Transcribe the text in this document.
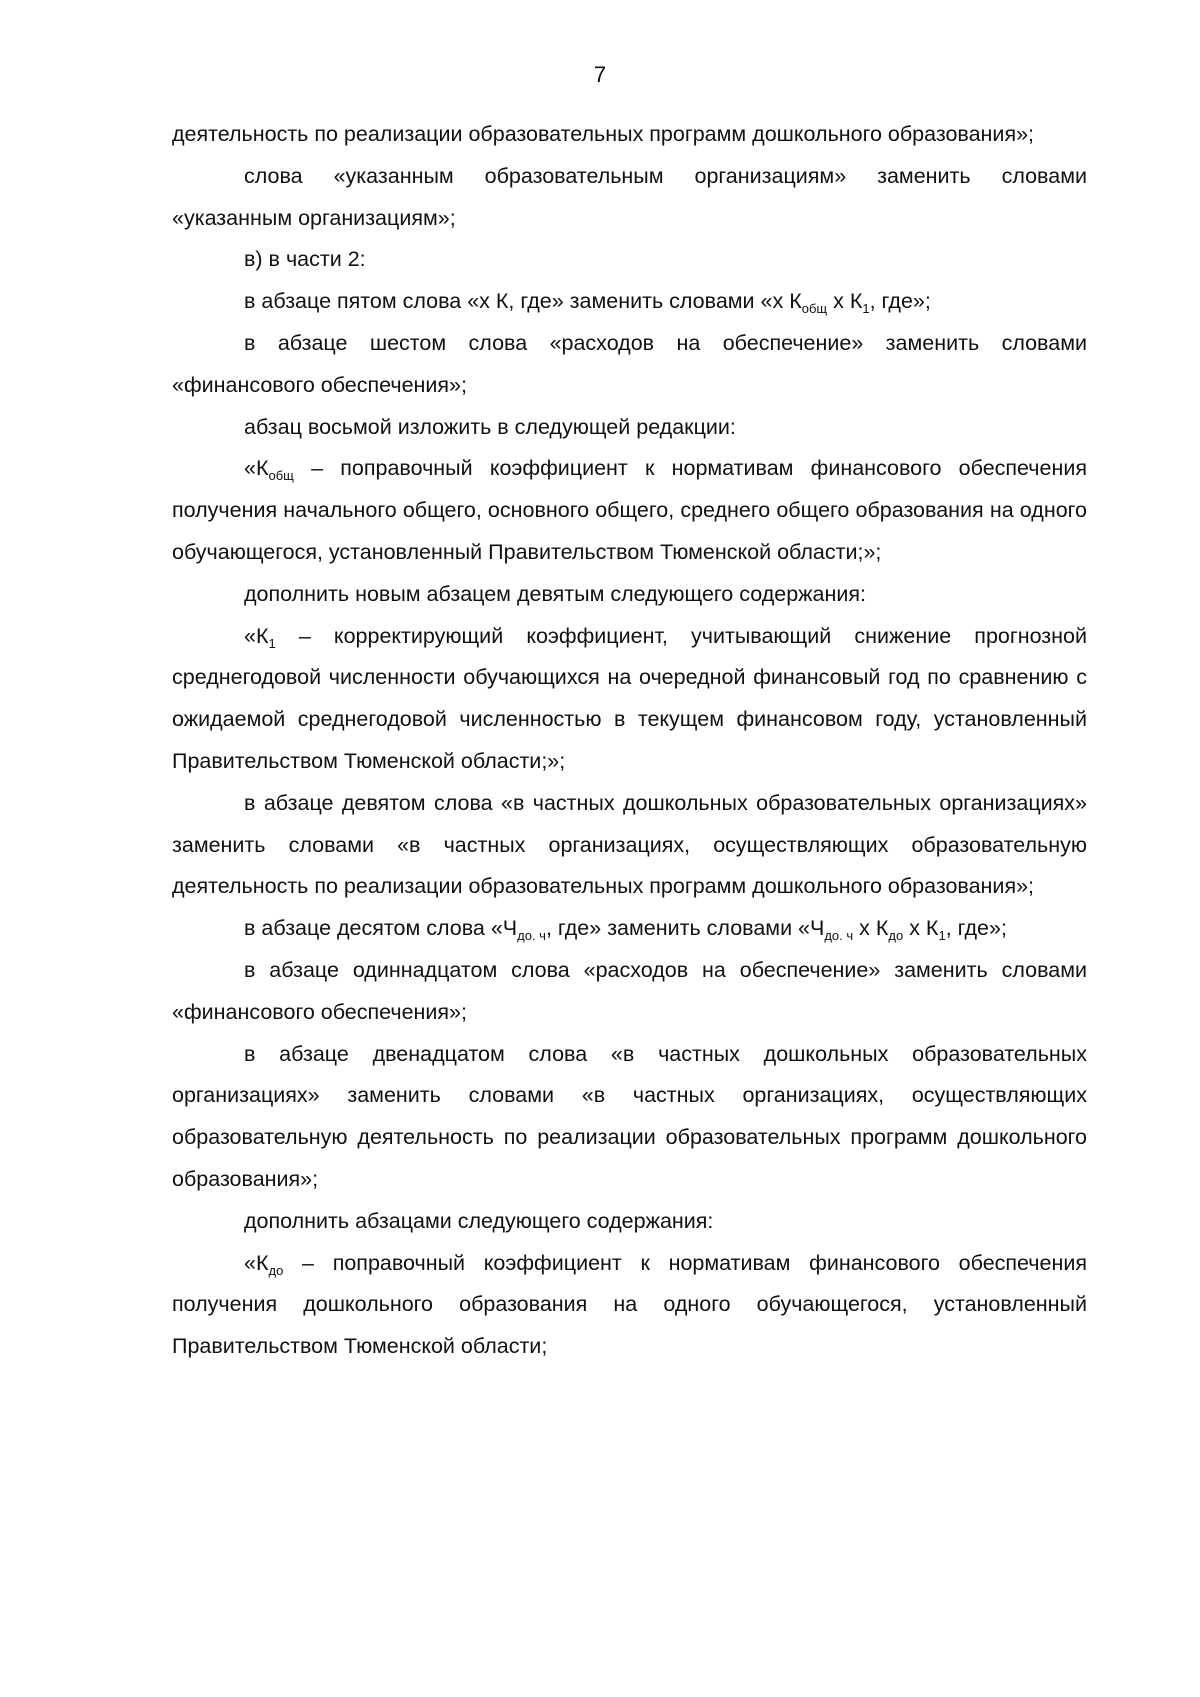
7

деятельность по реализации образовательных программ дошкольного образования»;

слова «указанным образовательным организациям» заменить словами «указанным организациям»;

в) в части 2:

в абзаце пятом слова «х К, где» заменить словами «х $К_{общ}$ х $К_1$, где»;

в абзаце шестом слова «расходов на обеспечение» заменить словами «финансового обеспечения»;

абзац восьмой изложить в следующей редакции:

«$К_{общ}$ – поправочный коэффициент к нормативам финансового обеспечения получения начального общего, основного общего, среднего общего образования на одного обучающегося, установленный Правительством Тюменской области;»;

дополнить новым абзацем девятым следующего содержания:

«$К_1$ – корректирующий коэффициент, учитывающий снижение прогнозной среднегодовой численности обучающихся на очередной финансовый год по сравнению с ожидаемой среднегодовой численностью в текущем финансовом году, установленный Правительством Тюменской области;»;

в абзаце девятом слова «в частных дошкольных образовательных организациях» заменить словами «в частных организациях, осуществляющих образовательную деятельность по реализации образовательных программ дошкольного образования»;

в абзаце десятом слова «$Ч_{до. ч}$, где» заменить словами «$Ч_{до. ч}$ х $К_{до}$ х $К_1$, где»;

в абзаце одиннадцатом слова «расходов на обеспечение» заменить словами «финансового обеспечения»;

в абзаце двенадцатом слова «в частных дошкольных образовательных организациях» заменить словами «в частных организациях, осуществляющих образовательную деятельность по реализации образовательных программ дошкольного образования»;

дополнить абзацами следующего содержания:

«$К_{до}$ – поправочный коэффициент к нормативам финансового обеспечения получения дошкольного образования на одного обучающегося, установленный Правительством Тюменской области;
